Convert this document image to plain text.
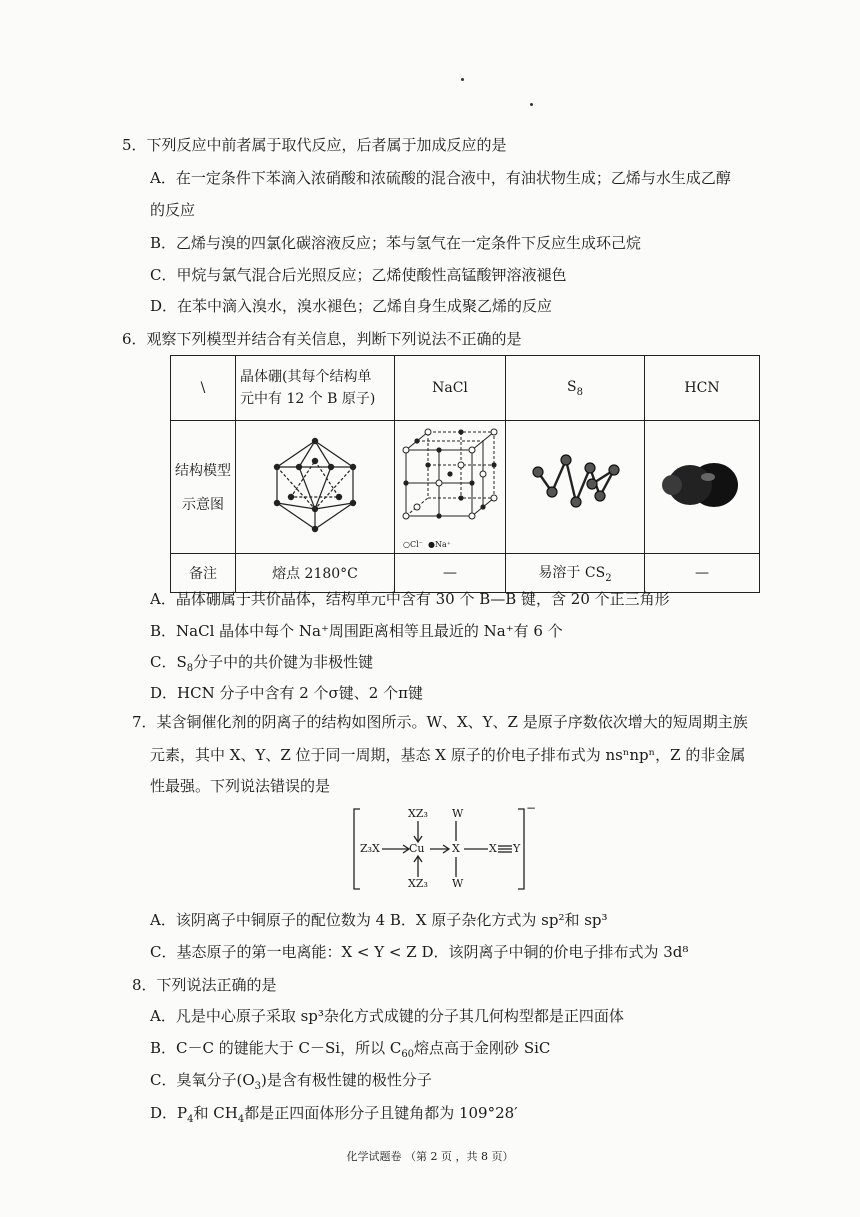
5．下列反应中前者属于取代反应，后者属于加成反应的是
A．在一定条件下苯滴入浓硝酸和浓硫酸的混合液中，有油状物生成；乙烯与水生成乙醇
的反应
B．乙烯与溴的四氯化碳溶液反应；苯与氢气在一定条件下反应生成环己烷
C．甲烷与氯气混合后光照反应；乙烯使酸性高锰酸钾溶液褪色
D．在苯中滴入溴水，溴水褪色；乙烯自身生成聚乙烯的反应
6．观察下列模型并结合有关信息，判断下列说法不正确的是
\	晶体硼(其每个结构单
元中有 12 个 B 原子)	NaCl	$S_8$	HCN

结构模型
示意图		○Cl⁻ ●Na⁺

备注	熔点 2180°C	—	易溶于 $CS_2$	—
A．晶体硼属于共价晶体，结构单元中含有 30 个 B—B 键，含 20 个正三角形
B．NaCl 晶体中每个 Na⁺周围距离相等且最近的 Na⁺有 6 个
C．$S_8$分子中的共价键为非极性键
D．HCN 分子中含有 2 个σ键、2 个π键
7．某含铜催化剂的阴离子的结构如图所示。W、X、Y、Z 是原子序数依次增大的短周期主族
元素，其中 X、Y、Z 位于同一周期，基态 X 原子的价电子排布式为 nsⁿnpⁿ，Z 的非金属
性最强。下列说法错误的是
XZ₃ W
Z₃X	Cu X	X Y
XZ₃ W
−
A．该阴离子中铜原子的配位数为 4 B．X 原子杂化方式为 sp²和 sp³
C．基态原子的第一电离能：X < Y < Z D．该阴离子中铜的价电子排布式为 3d⁸
8．下列说法正确的是
A．凡是中心原子采取 sp³杂化方式成键的分子其几何构型都是正四面体
B．C－C 的键能大于 C－Si，所以 $C_{60}$熔点高于金刚砂 SiC
C．臭氧分子$(O_3)$是含有极性键的极性分子
D．$P_4$和 $CH_4$都是正四面体形分子且键角都为 109°28′
化学试题卷 （第 2 页 ，共 8 页）
